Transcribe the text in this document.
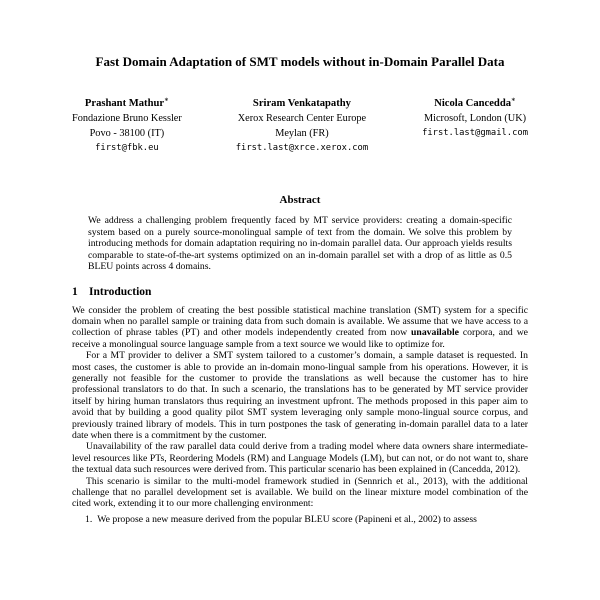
Fast Domain Adaptation of SMT models without in-Domain Parallel Data
Prashant Mathur∗
Fondazione Bruno Kessler
Povo - 38100 (IT)
first@fbk.eu
Sriram Venkatapathy
Xerox Research Center Europe
Meylan (FR)
first.last@xrce.xerox.com
Nicola Cancedda∗
Microsoft, London (UK)
first.last@gmail.com
Abstract

We address a challenging problem frequently faced by MT service providers: creating a domain-specific system based on a purely source-monolingual sample of text from the domain. We solve this problem by introducing methods for domain adaptation requiring no in-domain parallel data. Our approach yields results comparable to state-of-the-art systems optimized on an in-domain parallel set with a drop of as little as 0.5 BLEU points across 4 domains.

1 Introduction

We consider the problem of creating the best possible statistical machine translation (SMT) system for a specific domain when no parallel sample or training data from such domain is available. We assume that we have access to a collection of phrase tables (PT) and other models independently created from now unavailable corpora, and we receive a monolingual source language sample from a text source we would like to optimize for.

For a MT provider to deliver a SMT system tailored to a customer’s domain, a sample dataset is requested. In most cases, the customer is able to provide an in-domain mono-lingual sample from his operations. However, it is generally not feasible for the customer to provide the translations as well because the customer has to hire professional translators to do that. In such a scenario, the translations has to be generated by MT service provider itself by hiring human translators thus requiring an investment upfront. The methods proposed in this paper aim to avoid that by building a good quality pilot SMT system leveraging only sample mono-lingual source corpus, and previously trained library of models. This in turn postpones the task of generating in-domain parallel data to a later date when there is a commitment by the customer.

Unavailability of the raw parallel data could derive from a trading model where data owners share intermediate-level resources like PTs, Reordering Models (RM) and Language Models (LM), but can not, or do not want to, share the textual data such resources were derived from. This particular scenario has been explained in (Cancedda, 2012).

This scenario is similar to the multi-model framework studied in (Sennrich et al., 2013), with the additional challenge that no parallel development set is available. We build on the linear mixture model combination of the cited work, extending it to our more challenging environment:

1. We propose a new measure derived from the popular BLEU score (Papineni et al., 2002) to assess
